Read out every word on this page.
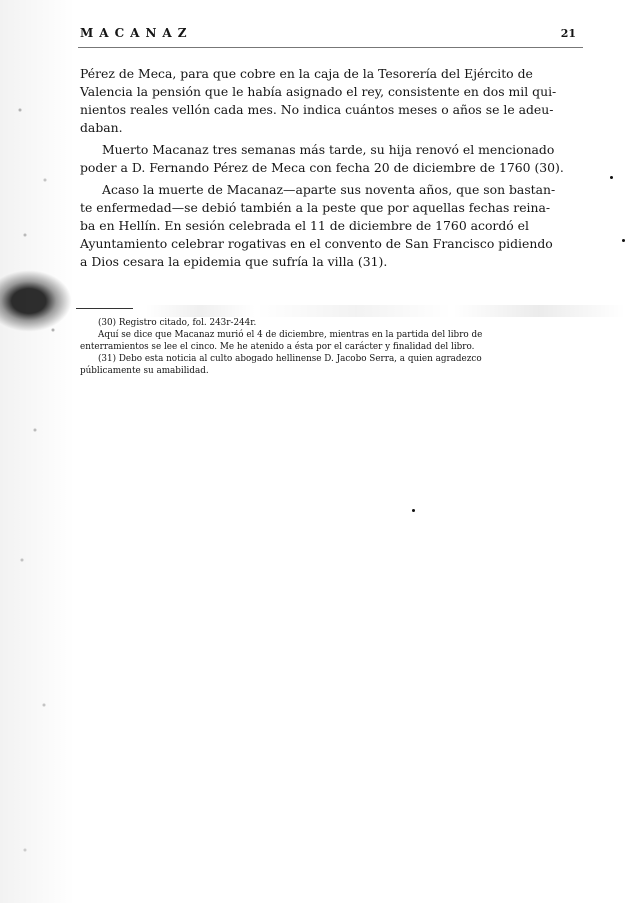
MACANAZ	21

Pérez de Meca, para que cobre en la caja de la Tesorería del Ejército de
Valencia la pensión que le había asignado el rey, consistente en dos mil qui-
nientos reales vellón cada mes. No indica cuántos meses o años se le adeu-
daban.

Muerto Macanaz tres semanas más tarde, su hija renovó el mencionado
poder a D. Fernando Pérez de Meca con fecha 20 de diciembre de 1760 (30).

Acaso la muerte de Macanaz—aparte sus noventa años, que son bastan-
te enfermedad—se debió también a la peste que por aquellas fechas reina-
ba en Hellín. En sesión celebrada el 11 de diciembre de 1760 acordó el
Ayuntamiento celebrar rogativas en el convento de San Francisco pidiendo
a Dios cesara la epidemia que sufría la villa (31).

(30) Registro citado, fol. 243r-244r.

Aquí se dice que Macanaz murió el 4 de diciembre, mientras en la partida del libro de
enterramientos se lee el cinco. Me he atenido a ésta por el carácter y finalidad del libro.

(31) Debo esta noticia al culto abogado hellinense D. Jacobo Serra, a quien agradezco
públicamente su amabilidad.
